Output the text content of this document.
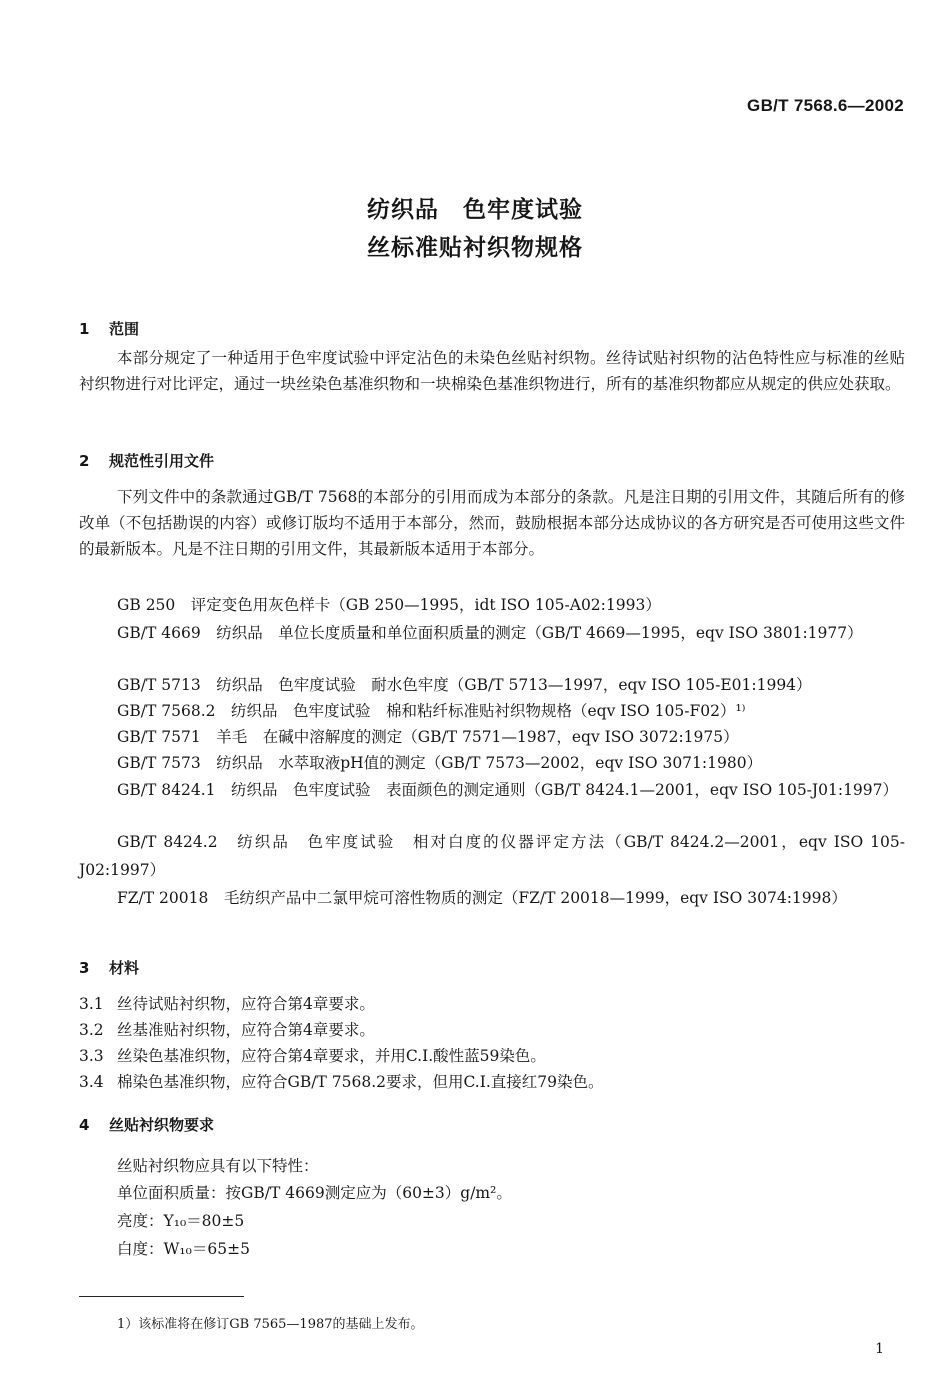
GB/T 7568.6—2002
纺织品　色牢度试验
丝标准贴衬织物规格
1 范围
本部分规定了一种适用于色牢度试验中评定沾色的未染色丝贴衬织物。丝待试贴衬织物的沾色特性应与标准的丝贴衬织物进行对比评定，通过一块丝染色基准织物和一块棉染色基准织物进行，所有的基准织物都应从规定的供应处获取。
2 规范性引用文件
下列文件中的条款通过GB/T 7568的本部分的引用而成为本部分的条款。凡是注日期的引用文件，其随后所有的修改单（不包括勘误的内容）或修订版均不适用于本部分，然而，鼓励根据本部分达成协议的各方研究是否可使用这些文件的最新版本。凡是不注日期的引用文件，其最新版本适用于本部分。
GB 250　评定变色用灰色样卡（GB 250—1995，idt ISO 105-A02:1993）
GB/T 4669　纺织品　单位长度质量和单位面积质量的测定（GB/T 4669—1995，eqv ISO 3801:1977）
GB/T 5713　纺织品　色牢度试验　耐水色牢度（GB/T 5713—1997，eqv ISO 105-E01:1994）
GB/T 7568.2　纺织品　色牢度试验　棉和粘纤标准贴衬织物规格（eqv ISO 105-F02）¹⁾
GB/T 7571　羊毛　在碱中溶解度的测定（GB/T 7571—1987，eqv ISO 3072:1975）
GB/T 7573　纺织品　水萃取液pH值的测定（GB/T 7573—2002，eqv ISO 3071:1980）
GB/T 8424.1　纺织品　色牢度试验　表面颜色的测定通则（GB/T 8424.1—2001，eqv ISO 105-J01:1997）
GB/T 8424.2　纺织品　色牢度试验　相对白度的仪器评定方法（GB/T 8424.2—2001，eqv ISO 105-J02:1997）
FZ/T 20018　毛纺织产品中二氯甲烷可溶性物质的测定（FZ/T 20018—1999，eqv ISO 3074:1998）
3 材料
3.1 丝待试贴衬织物，应符合第4章要求。
3.2 丝基准贴衬织物，应符合第4章要求。
3.3 丝染色基准织物，应符合第4章要求，并用C.I.酸性蓝59染色。
3.4 棉染色基准织物，应符合GB/T 7568.2要求，但用C.I.直接红79染色。
4 丝贴衬织物要求
丝贴衬织物应具有以下特性：
单位面积质量：按GB/T 4669测定应为（60±3）g/m²。
亮度：Y₁₀＝80±5
白度：W₁₀＝65±5
1）该标准将在修订GB 7565—1987的基础上发布。
1
